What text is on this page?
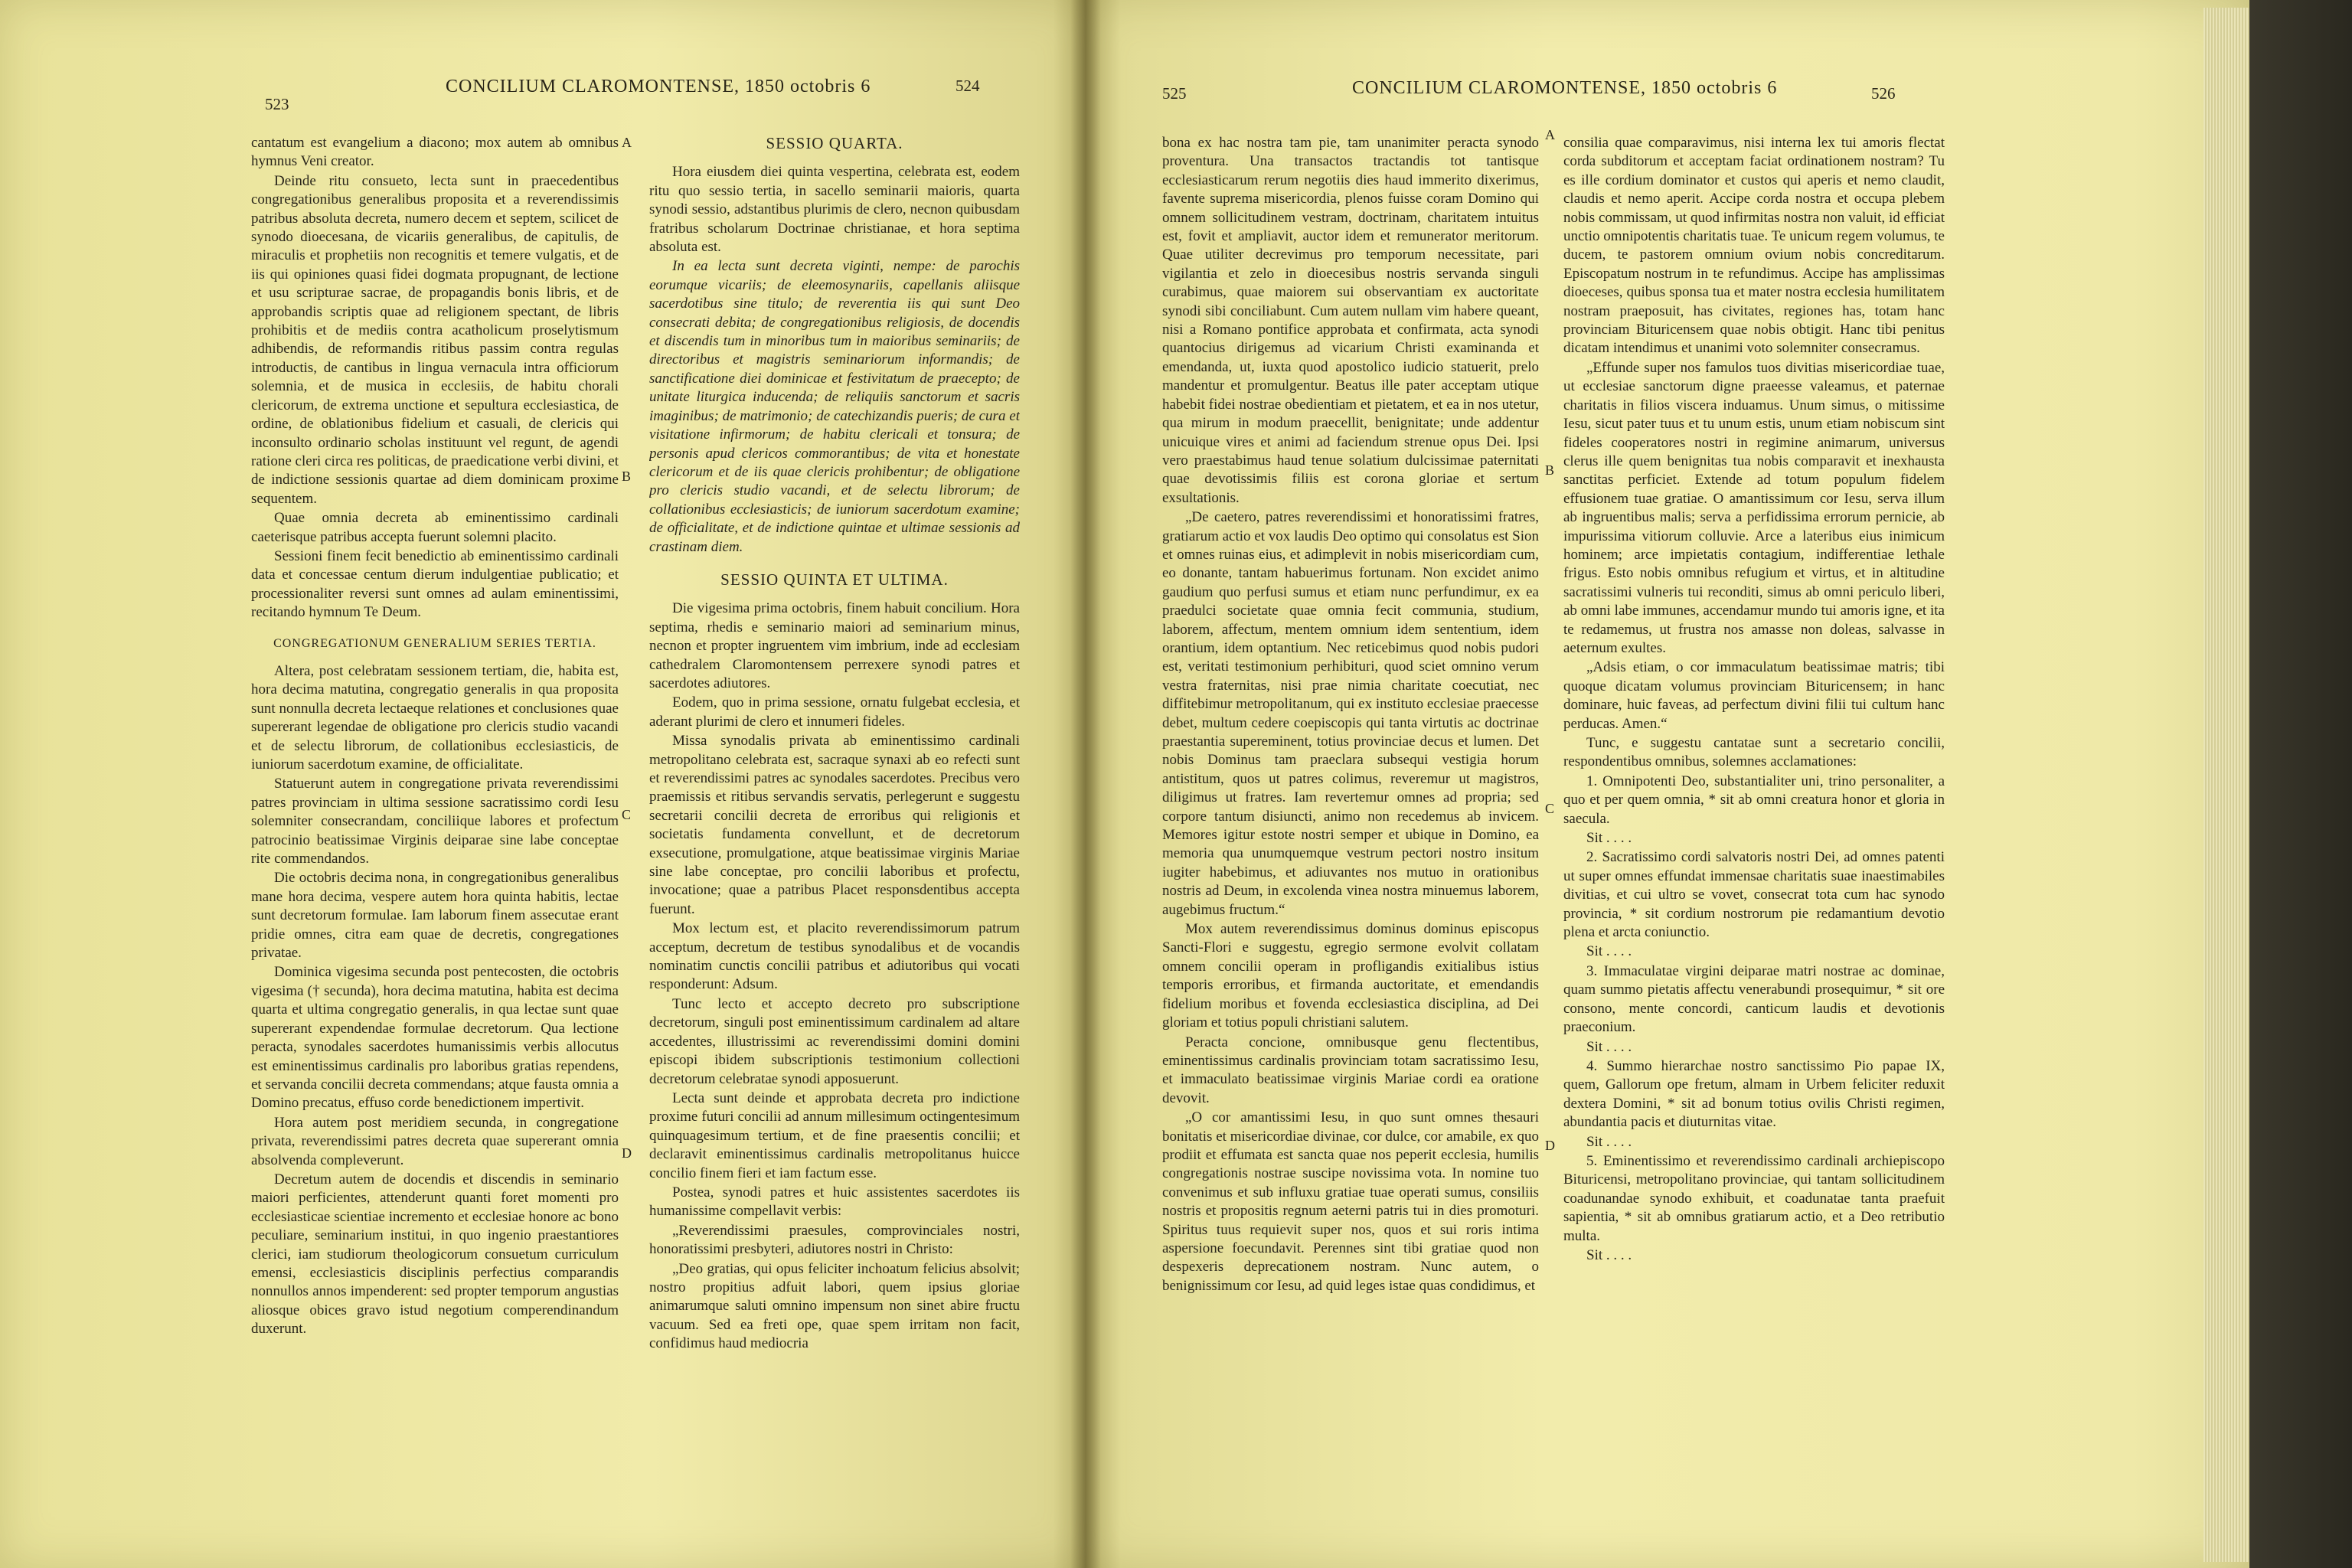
523
CONCILIUM CLAROMONTENSE, 1850 octobris 6	524

cantatum est evangelium a diacono; mox autem ab omnibus hymnus Veni creator.

Deinde ritu consueto, lecta sunt in praecedentibus congregationibus generalibus proposita et a reverendissimis patribus absoluta decreta, numero decem et septem, scilicet de synodo dioecesana, de vicariis generalibus, de capitulis, de miraculis et prophetiis non recognitis et temere vulgatis, et de iis qui opiniones quasi fidei dogmata propugnant, de lectione et usu scripturae sacrae, de propagandis bonis libris, et de approbandis scriptis quae ad religionem spectant, de libris prohibitis et de mediis contra acatholicum proselytismum adhibendis, de reformandis ritibus passim contra regulas introductis, de cantibus in lingua vernacula intra officiorum solemnia, et de musica in ecclesiis, de habitu chorali clericorum, de extrema unctione et sepultura ecclesiastica, de ordine, de oblationibus fidelium et casuali, de clericis qui inconsulto ordinario scholas instituunt vel regunt, de agendi ratione cleri circa res politicas, de praedicatione verbi divini, et de indictione sessionis quartae ad diem dominicam proxime sequentem.

Quae omnia decreta ab eminentissimo cardinali caeterisque patribus accepta fuerunt solemni placito.

Sessioni finem fecit benedictio ab eminentissimo cardinali data et concessae centum dierum indulgentiae publicatio; et processionaliter reversi sunt omnes ad aulam eminentissimi, recitando hymnum Te Deum.

CONGREGATIONUM GENERALIUM SERIES TERTIA.

Altera, post celebratam sessionem tertiam, die, habita est, hora decima matutina, congregatio generalis in qua proposita sunt nonnulla decreta lectaeque relationes et conclusiones quae supererant legendae de obligatione pro clericis studio vacandi et de selectu librorum, de collationibus ecclesiasticis, de iuniorum sacerdotum examine, de officialitate.

Statuerunt autem in congregatione privata reverendissimi patres provinciam in ultima sessione sacratissimo cordi Iesu solemniter consecrandam, conciliique labores et profectum patrocinio beatissimae Virginis deiparae sine labe conceptae rite commendandos.

Die octobris decima nona, in congregationibus generalibus mane hora decima, vespere autem hora quinta habitis, lectae sunt decretorum formulae. Iam laborum finem assecutae erant pridie omnes, citra eam quae de decretis, congregationes privatae.

Dominica vigesima secunda post pentecosten, die octobris vigesima († secunda), hora decima matutina, habita est decima quarta et ultima congregatio generalis, in qua lectae sunt quae supererant expendendae formulae decretorum. Qua lectione peracta, synodales sacerdotes humanissimis verbis allocutus est eminentissimus cardinalis pro laboribus gratias rependens, et servanda concilii decreta commendans; atque fausta omnia a Domino precatus, effuso corde benedictionem impertivit.

Hora autem post meridiem secunda, in congregatione privata, reverendissimi patres decreta quae supererant omnia absolvenda compleverunt.

Decretum autem de docendis et discendis in seminario maiori perficientes, attenderunt quanti foret momenti pro ecclesiasticae scientiae incremento et ecclesiae honore ac bono peculiare, seminarium institui, in quo ingenio praestantiores clerici, iam studiorum theologicorum consuetum curriculum emensi, ecclesiasticis disciplinis perfectius comparandis nonnullos annos impenderent: sed propter temporum angustias aliosque obices gravo istud negotium comperendinandum duxerunt.

A
B
C
D
SESSIO QUARTA.

Hora eiusdem diei quinta vespertina, celebrata est, eodem ritu quo sessio tertia, in sacello seminarii maioris, quarta synodi sessio, adstantibus plurimis de clero, necnon quibusdam fratribus scholarum Doctrinae christianae, et hora septima absoluta est.

In ea lecta sunt decreta viginti, nempe: de parochis eorumque vicariis; de eleemosynariis, capellanis aliisque sacerdotibus sine titulo; de reverentia iis qui sunt Deo consecrati debita; de congregationibus religiosis, de docendis et discendis tum in minoribus tum in maioribus seminariis; de directoribus et magistris seminariorum informandis; de sanctificatione diei dominicae et festivitatum de praecepto; de unitate liturgica inducenda; de reliquiis sanctorum et sacris imaginibus; de matrimonio; de catechizandis pueris; de cura et visitatione infirmorum; de habitu clericali et tonsura; de personis apud clericos commorantibus; de vita et honestate clericorum et de iis quae clericis prohibentur; de obligatione pro clericis studio vacandi, et de selectu librorum; de collationibus ecclesiasticis; de iuniorum sacerdotum examine; de officialitate, et de indictione quintae et ultimae sessionis ad crastinam diem.

SESSIO QUINTA ET ULTIMA.

Die vigesima prima octobris, finem habuit concilium. Hora septima, rhedis e seminario maiori ad seminarium minus, necnon et propter ingruentem vim imbrium, inde ad ecclesiam cathedralem Claromontensem perrexere synodi patres et sacerdotes adiutores.

Eodem, quo in prima sessione, ornatu fulgebat ecclesia, et aderant plurimi de clero et innumeri fideles.

Missa synodalis privata ab eminentissimo cardinali metropolitano celebrata est, sacraque synaxi ab eo refecti sunt et reverendissimi patres ac synodales sacerdotes. Precibus vero praemissis et ritibus servandis servatis, perlegerunt e suggestu secretarii concilii decreta de erroribus qui religionis et societatis fundamenta convellunt, et de decretorum exsecutione, promulgatione, atque beatissimae virginis Mariae sine labe conceptae, pro concilii laboribus et profectu, invocatione; quae a patribus Placet responsdentibus accepta fuerunt.

Mox lectum est, et placito reverendissimorum patrum acceptum, decretum de testibus synodalibus et de vocandis nominatim cunctis concilii patribus et adiutoribus qui vocati responderunt: Adsum.

Tunc lecto et accepto decreto pro subscriptione decretorum, singuli post eminentissimum cardinalem ad altare accedentes, illustrissimi ac reverendissimi domini domini episcopi ibidem subscriptionis testimonium collectioni decretorum celebratae synodi apposuerunt.

Lecta sunt deinde et approbata decreta pro indictione proxime futuri concilii ad annum millesimum octingentesimum quinquagesimum tertium, et de fine praesentis concilii; et declaravit eminentissimus cardinalis metropolitanus huicce concilio finem fieri et iam factum esse.

Postea, synodi patres et huic assistentes sacerdotes iis humanissime compellavit verbis:

„Reverendissimi praesules, comprovinciales nostri, honoratissimi presbyteri, adiutores nostri in Christo:

„Deo gratias, qui opus feliciter inchoatum felicius absolvit; nostro propitius adfuit labori, quem ipsius gloriae animarumque saluti omnino impensum non sinet abire fructu vacuum. Sed ea freti ope, quae spem irritam non facit, confidimus haud mediocria

525	CONCILIUM CLAROMONTENSE, 1850 octobris 6	526

bona ex hac nostra tam pie, tam unanimiter peracta synodo proventura. Una transactos tractandis tot tantisque ecclesiasticarum rerum negotiis dies haud immerito dixerimus, favente suprema misericordia, plenos fuisse coram Domino qui omnem sollicitudinem vestram, doctrinam, charitatem intuitus est, fovit et ampliavit, auctor idem et remunerator meritorum. Quae utiliter decrevimus pro temporum necessitate, pari vigilantia et zelo in dioecesibus nostris servanda singuli curabimus, quae maiorem sui observantiam ex auctoritate synodi sibi conciliabunt. Cum autem nullam vim habere queant, nisi a Romano pontifice approbata et confirmata, acta synodi quantocius dirigemus ad vicarium Christi examinanda et emendanda, ut, iuxta quod apostolico iudicio statuerit, prelo mandentur et promulgentur. Beatus ille pater acceptam utique habebit fidei nostrae obedientiam et pietatem, et ea in nos utetur, qua mirum in modum praecellit, benignitate; unde addentur unicuique vires et animi ad faciendum strenue opus Dei. Ipsi vero praestabimus haud tenue solatium dulcissimae paternitati quae devotissimis filiis est corona gloriae et sertum exsultationis.

„De caetero, patres reverendissimi et honoratissimi fratres, gratiarum actio et vox laudis Deo optimo qui consolatus est Sion et omnes ruinas eius, et adimplevit in nobis misericordiam cum, eo donante, tantam habuerimus fortunam. Non excidet animo gaudium quo perfusi sumus et etiam nunc perfundimur, ex ea praedulci societate quae omnia fecit communia, studium, laborem, affectum, mentem omnium idem sententium, idem orantium, idem optantium. Nec reticebimus quod nobis pudori est, veritati testimonium perhibituri, quod sciet omnino verum vestra fraternitas, nisi prae nimia charitate coecutiat, nec diffitebimur metropolitanum, qui ex instituto ecclesiae praecesse debet, multum cedere coepiscopis qui tanta virtutis ac doctrinae praestantia supereminent, totius provinciae decus et lumen. Det nobis Dominus tam praeclara subsequi vestigia horum antistitum, quos ut patres colimus, reveremur ut magistros, diligimus ut fratres. Iam revertemur omnes ad propria; sed corpore tantum disiuncti, animo non recedemus ab invicem. Memores igitur estote nostri semper et ubique in Domino, ea memoria qua unumquemque vestrum pectori nostro insitum iugiter habebimus, et adiuvantes nos mutuo in orationibus nostris ad Deum, in excolenda vinea nostra minuemus laborem, augebimus fructum.“

Mox autem reverendissimus dominus dominus episcopus Sancti-Flori e suggestu, egregio sermone evolvit collatam omnem concilii operam in profligandis exitialibus istius temporis erroribus, et firmanda auctoritate, et emendandis fidelium moribus et fovenda ecclesiastica disciplina, ad Dei gloriam et totius populi christiani salutem.

Peracta concione, omnibusque genu flectentibus, eminentissimus cardinalis provinciam totam sacratissimo Iesu, et immaculato beatissimae virginis Mariae cordi ea oratione devovit.

„O cor amantissimi Iesu, in quo sunt omnes thesauri bonitatis et misericordiae divinae, cor dulce, cor amabile, ex quo prodiit et effumata est sancta quae nos peperit ecclesia, humilis congregationis nostrae suscipe novissima vota. In nomine tuo convenimus et sub influxu gratiae tuae operati sumus, consiliis nostris et propositis regnum aeterni patris tui in dies promoturi. Spiritus tuus requievit super nos, quos et sui roris intima aspersione foecundavit. Perennes sint tibi gratiae quod non despexeris deprecationem nostram. Nunc autem, o benignissimum cor Iesu, ad quid leges istae quas condidimus, et

A
B
C
D

consilia quae comparavimus, nisi interna lex tui amoris flectat corda subditorum et acceptam faciat ordinationem nostram? Tu es ille cordium dominator et custos qui aperis et nemo claudit, claudis et nemo aperit. Accipe corda nostra et occupa plebem nobis commissam, ut quod infirmitas nostra non valuit, id efficiat unctio omnipotentis charitatis tuae. Te unicum regem volumus, te ducem, te pastorem omnium ovium nobis concreditarum. Episcopatum nostrum in te refundimus. Accipe has amplissimas dioeceses, quibus sponsa tua et mater nostra ecclesia humilitatem nostram praeposuit, has civitates, regiones has, totam hanc provinciam Bituricensem quae nobis obtigit. Hanc tibi penitus dicatam intendimus et unanimi voto solemniter consecramus.

„Effunde super nos famulos tuos divitias misericordiae tuae, ut ecclesiae sanctorum digne praeesse valeamus, et paternae charitatis in filios viscera induamus. Unum simus, o mitissime Iesu, sicut pater tuus et tu unum estis, unum etiam nobiscum sint fideles cooperatores nostri in regimine animarum, universus clerus ille quem benignitas tua nobis comparavit et inexhausta sanctitas perficiet. Extende ad totum populum fidelem effusionem tuae gratiae. O amantissimum cor Iesu, serva illum ab ingruentibus malis; serva a perfidissima errorum pernicie, ab impurissima vitiorum colluvie. Arce a lateribus eius inimicum hominem; arce impietatis contagium, indifferentiae lethale frigus. Esto nobis omnibus refugium et virtus, et in altitudine sacratissimi vulneris tui reconditi, simus ab omni periculo liberi, ab omni labe immunes, accendamur mundo tui amoris igne, et ita te redamemus, ut frustra nos amasse non doleas, salvasse in aeternum exultes.

„Adsis etiam, o cor immaculatum beatissimae matris; tibi quoque dicatam volumus provinciam Bituricensem; in hanc dominare, huic faveas, ad perfectum divini filii tui cultum hanc perducas. Amen.“

Tunc, e suggestu cantatae sunt a secretario concilii, respondentibus omnibus, solemnes acclamationes:

1. Omnipotenti Deo, substantialiter uni, trino personaliter, a quo et per quem omnia, * sit ab omni creatura honor et gloria in saecula.

Sit . . . .

2. Sacratissimo cordi salvatoris nostri Dei, ad omnes patenti ut super omnes effundat immensae charitatis suae inaestimabiles divitias, et cui ultro se vovet, consecrat tota cum hac synodo provincia, * sit cordium nostrorum pie redamantium devotio plena et arcta coniunctio.

Sit . . . .

3. Immaculatae virgini deiparae matri nostrae ac dominae, quam summo pietatis affectu venerabundi prosequimur, * sit ore consono, mente concordi, canticum laudis et devotionis praeconium.

Sit . . . .

4. Summo hierarchae nostro sanctissimo Pio papae IX, quem, Gallorum ope fretum, almam in Urbem feliciter reduxit dextera Domini, * sit ad bonum totius ovilis Christi regimen, abundantia pacis et diuturnitas vitae.

Sit . . . .

5. Eminentissimo et reverendissimo cardinali archiepiscopo Bituricensi, metropolitano provinciae, qui tantam sollicitudinem coadunandae synodo exhibuit, et coadunatae tanta praefuit sapientia, * sit ab omnibus gratiarum actio, et a Deo retributio multa.

Sit . . . .
